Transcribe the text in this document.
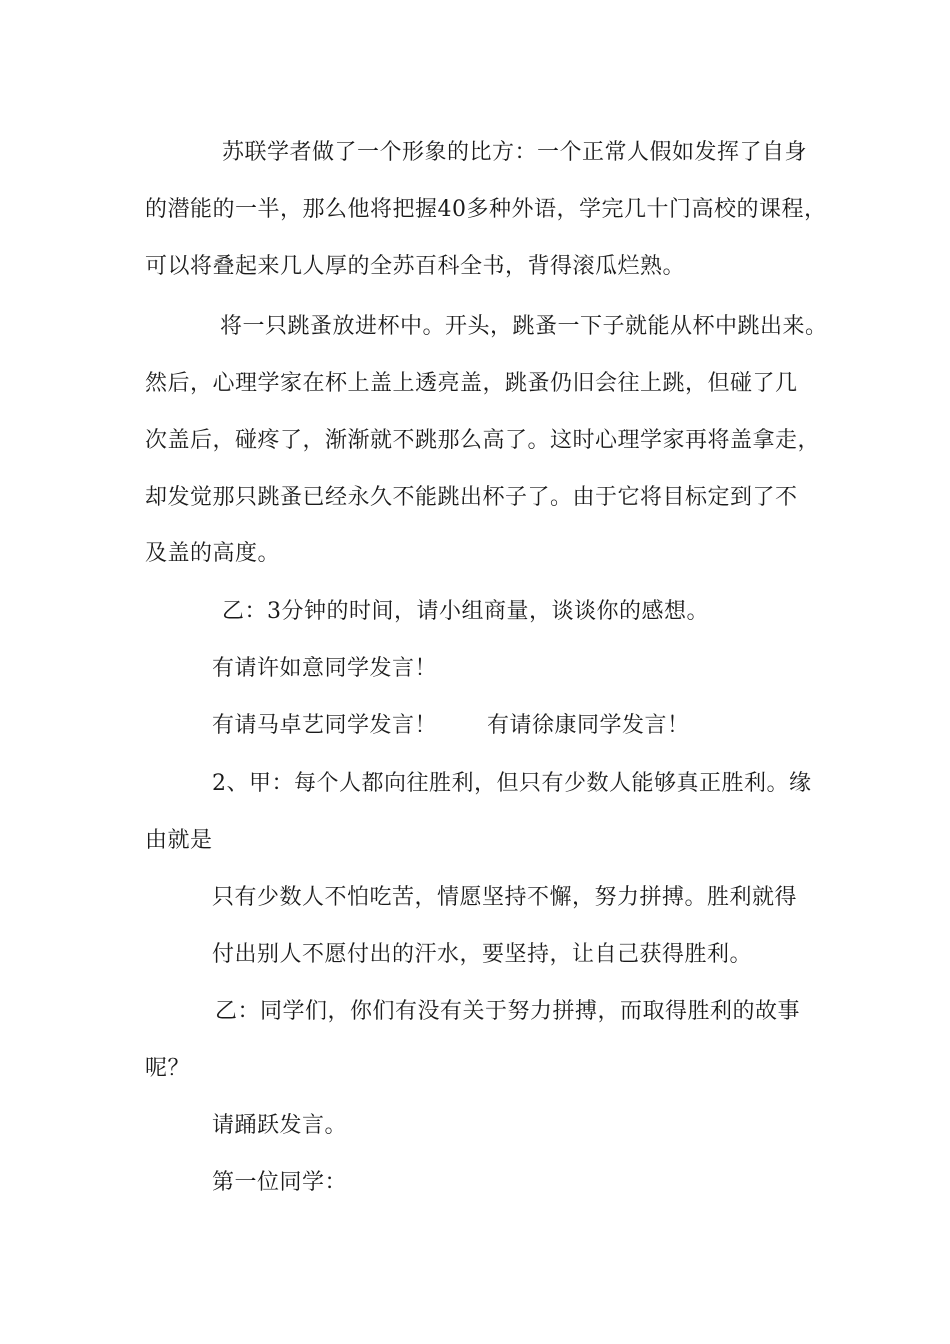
苏联学者做了一个形象的比方：一个正常人假如发挥了自身

的潜能的一半，那么他将把握40多种外语，学完几十门高校的课程，

可以将叠起来几人厚的全苏百科全书，背得滚瓜烂熟。

将一只跳蚤放进杯中。开头，跳蚤一下子就能从杯中跳出来。

然后，心理学家在杯上盖上透亮盖，跳蚤仍旧会往上跳，但碰了几

次盖后，碰疼了，渐渐就不跳那么高了。这时心理学家再将盖拿走，

却发觉那只跳蚤已经永久不能跳出杯子了。由于它将目标定到了不

及盖的高度。

乙：3分钟的时间，请小组商量，谈谈你的感想。

有请许如意同学发言！

有请马卓艺同学发言！ 有请徐康同学发言！

2、甲：每个人都向往胜利，但只有少数人能够真正胜利。缘

由就是

只有少数人不怕吃苦，情愿坚持不懈，努力拼搏。胜利就得

付出别人不愿付出的汗水，要坚持，让自己获得胜利。

乙：同学们，你们有没有关于努力拼搏，而取得胜利的故事

呢？

请踊跃发言。

第一位同学：
